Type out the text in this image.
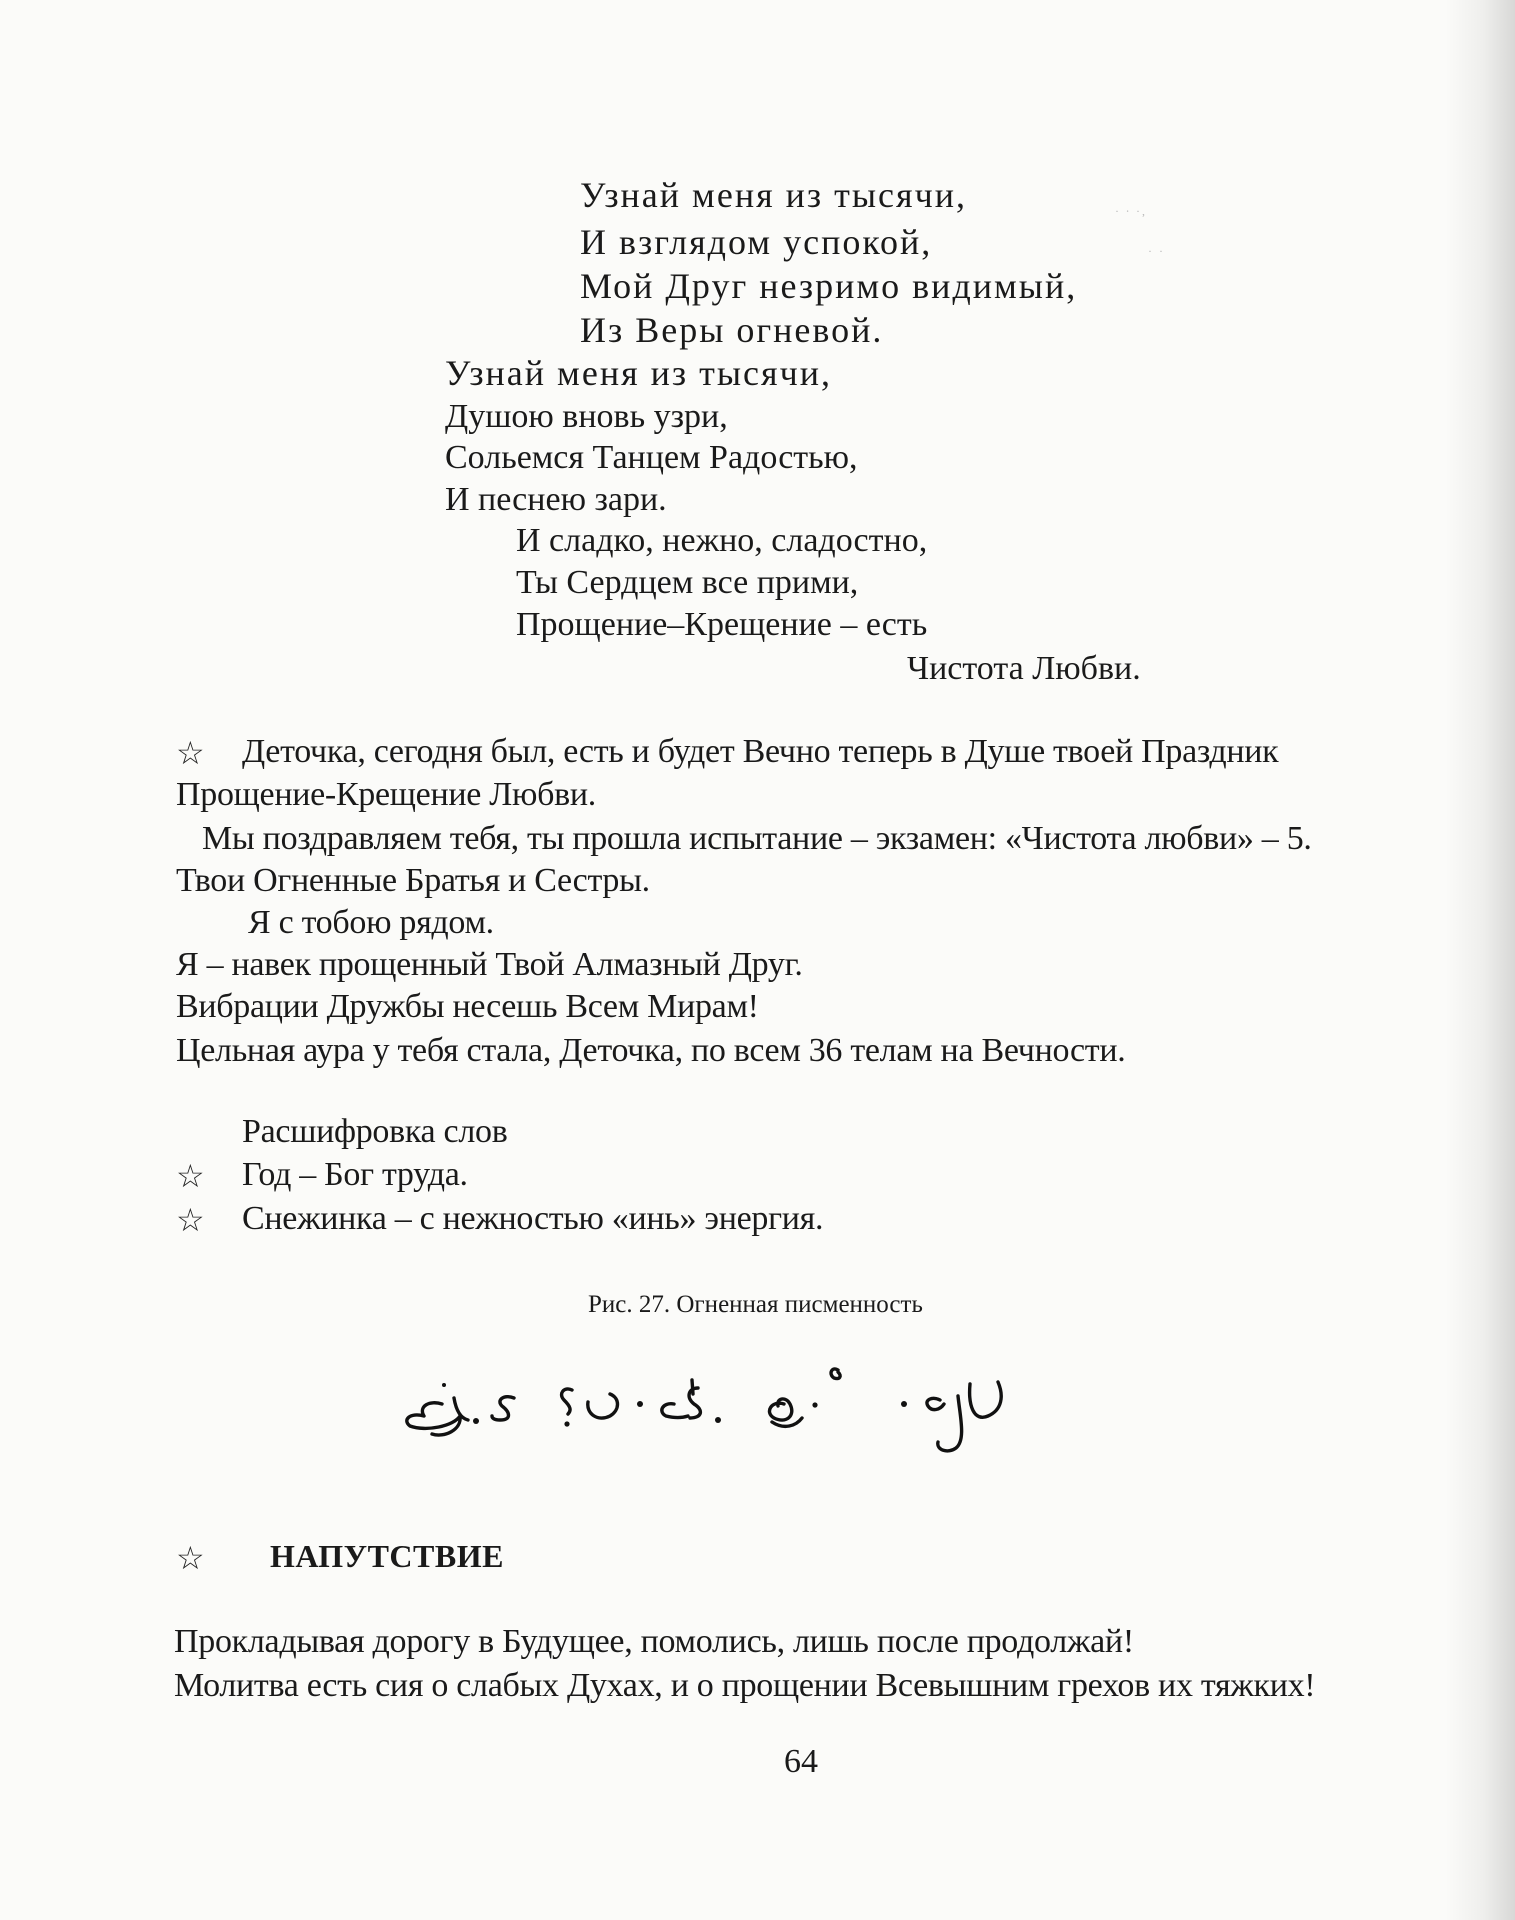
· ∙ ·,
· ·

Узнай меня из тысячи,

И взглядом успокой,

Мой Друг незримо видимый,

Из Веры огневой.

Узнай меня из тысячи,

Душою вновь узри,

Сольемся Танцем Радостью,

И песнею зари.

И сладко, нежно, сладостно,

Ты Сердцем все прими,

Прощение–Крещение – есть

Чистота Любви.

☆ Деточка, сегодня был, есть и будет Вечно теперь в Душе твоей Праздник

Прощение-Крещение Любви.

Мы поздравляем тебя, ты прошла испытание – экзамен: «Чистота любви» – 5.

Твои Огненные Братья и Сестры.

Я с тобою рядом.

Я – навек прощенный Твой Алмазный Друг.

Вибрации Дружбы несешь Всем Мирам!

Цельная аура у тебя стала, Деточка, по всем 36 телам на Вечности.

Расшифровка слов

☆ Год – Бог труда.

☆ Снежинка – с нежностью «инь» энергия.

Рис. 27. Огненная писменность

☆ НАПУТСТВИЕ

Прокладывая дорогу в Будущее, помолись, лишь после продолжай!

Молитва есть сия о слабых Духах, и о прощении Всевышним грехов их тяжких!

64
